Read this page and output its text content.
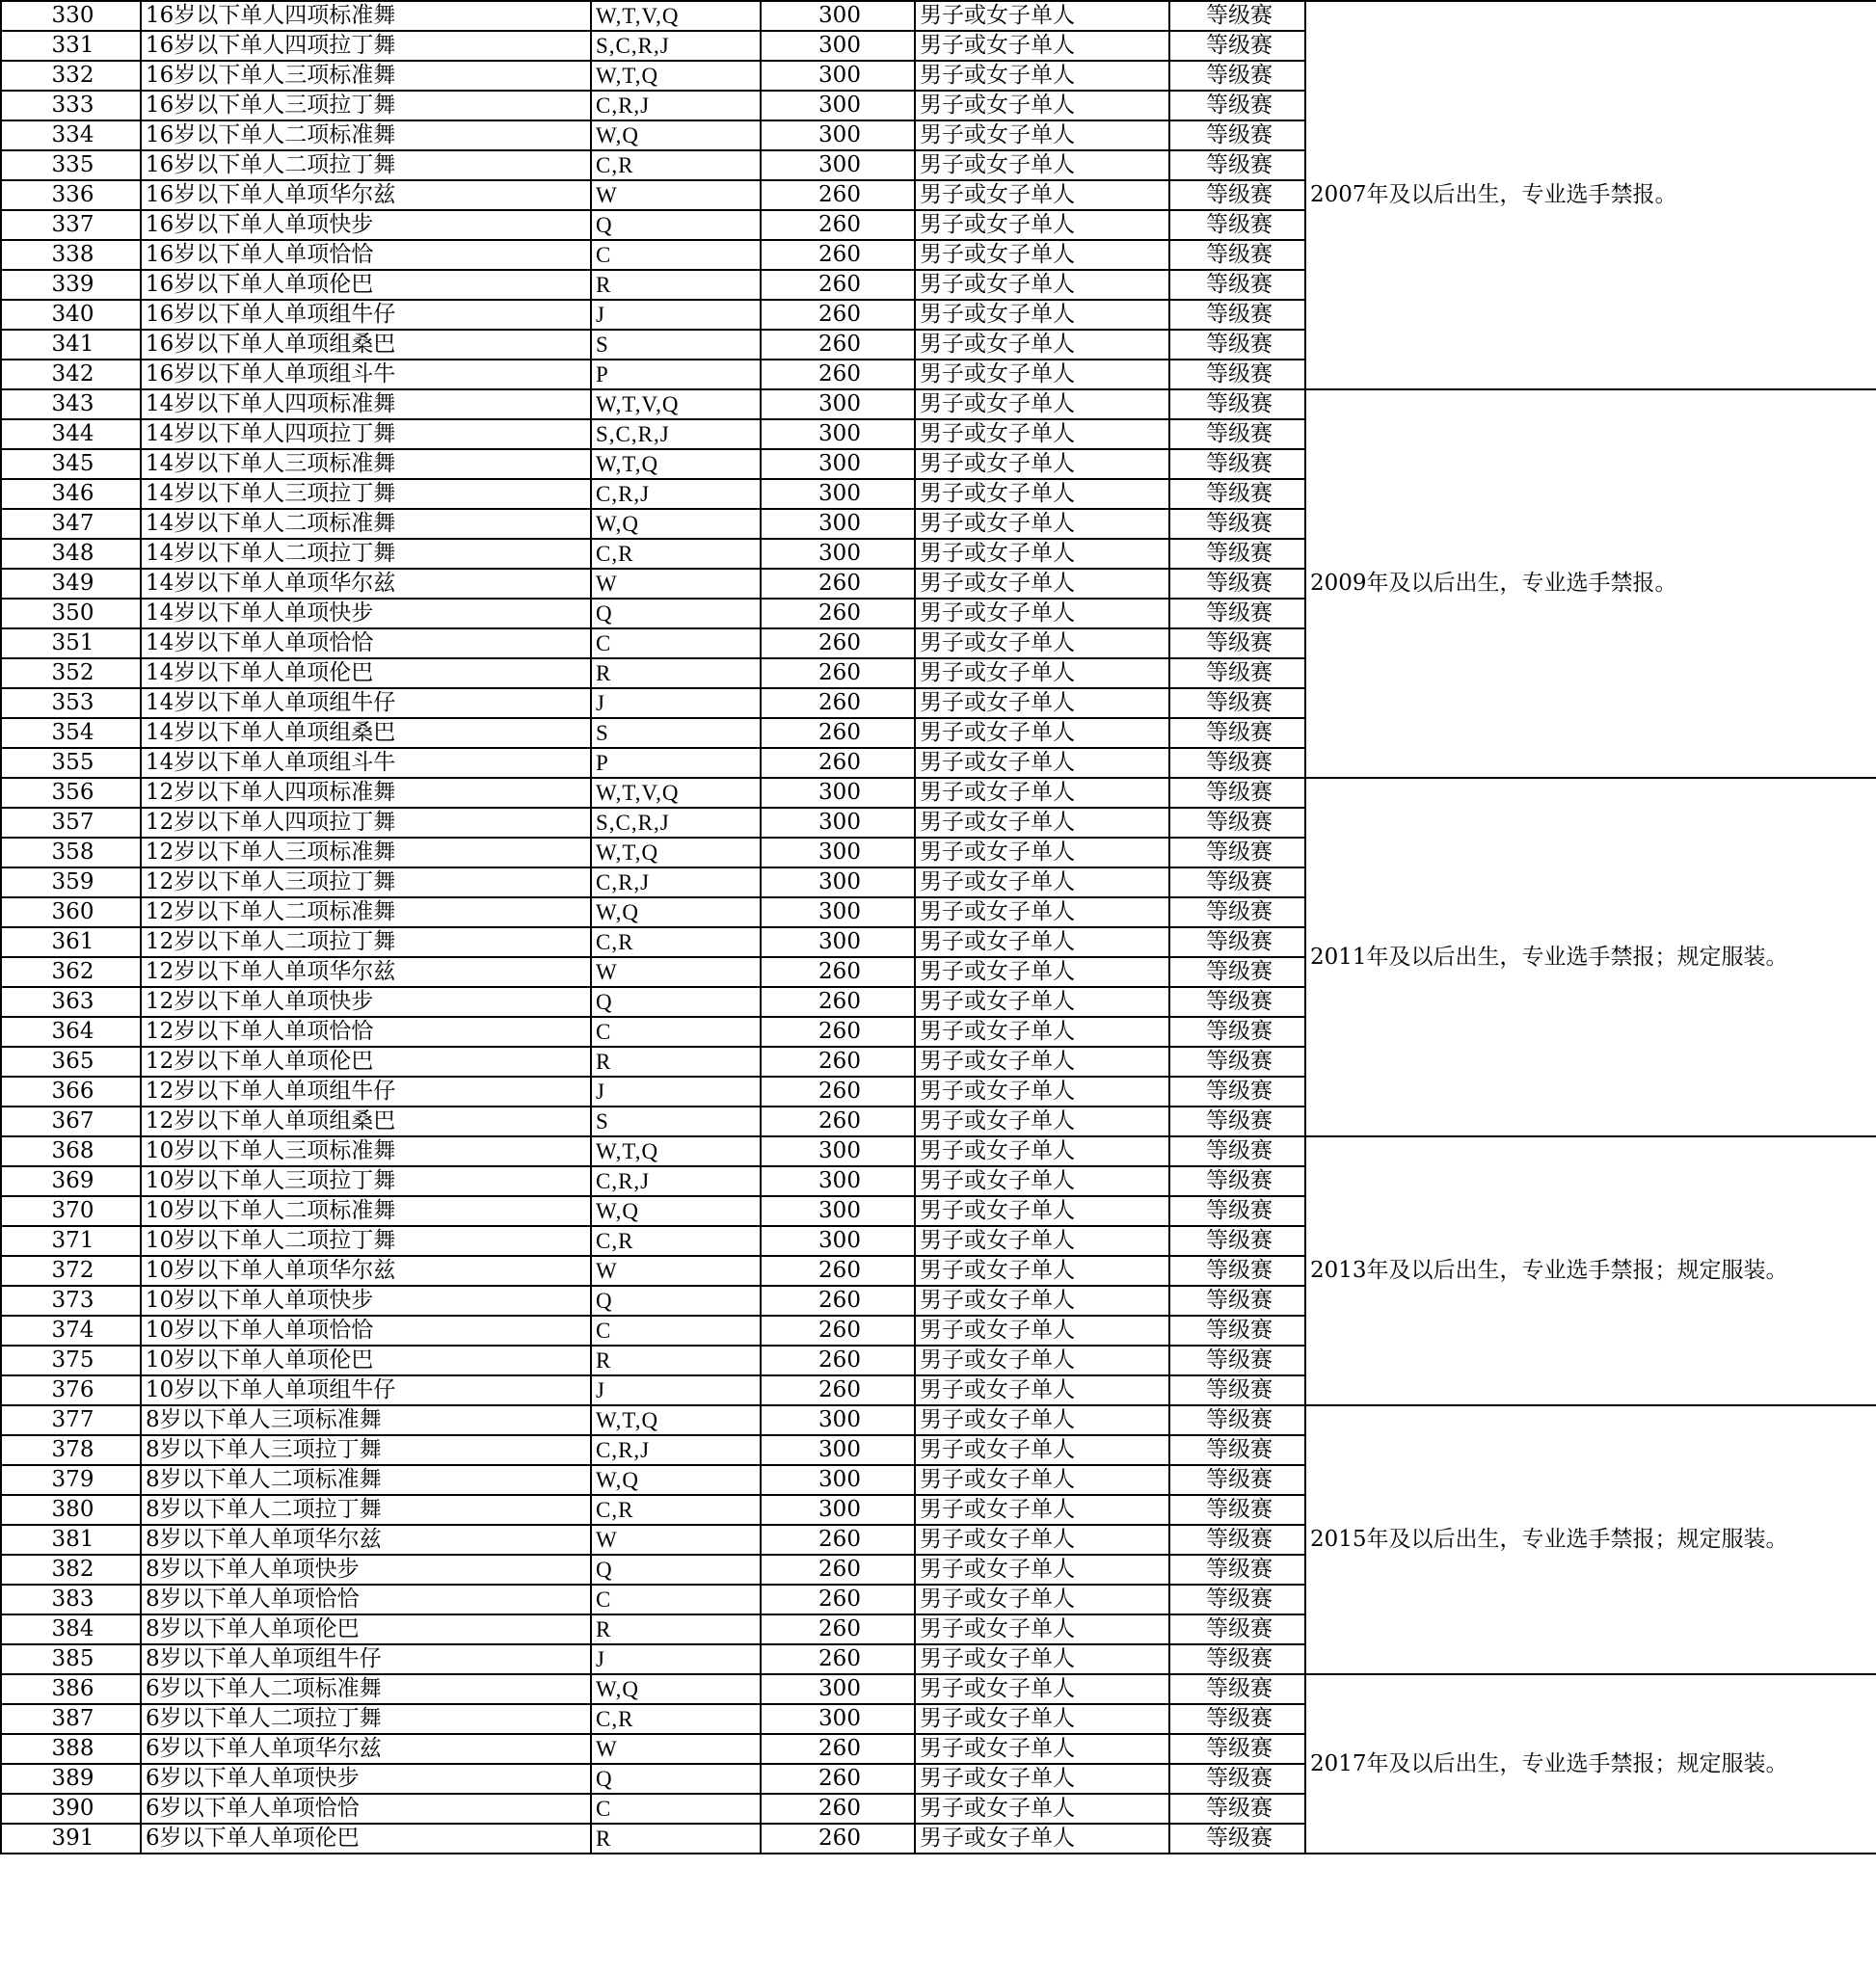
330	16岁以下单人四项标准舞	W,T,V,Q	300	男子或女子单人	等级赛	2007年及以后出生，专业选手禁报。
331	16岁以下单人四项拉丁舞	S,C,R,J	300	男子或女子单人	等级赛	
332	16岁以下单人三项标准舞	W,T,Q	300	男子或女子单人	等级赛	
333	16岁以下单人三项拉丁舞	C,R,J	300	男子或女子单人	等级赛	
334	16岁以下单人二项标准舞	W,Q	300	男子或女子单人	等级赛	
335	16岁以下单人二项拉丁舞	C,R	300	男子或女子单人	等级赛	
336	16岁以下单人单项华尔兹	W	260	男子或女子单人	等级赛	
337	16岁以下单人单项快步	Q	260	男子或女子单人	等级赛	
338	16岁以下单人单项恰恰	C	260	男子或女子单人	等级赛	
339	16岁以下单人单项伦巴	R	260	男子或女子单人	等级赛	
340	16岁以下单人单项组牛仔	J	260	男子或女子单人	等级赛	
341	16岁以下单人单项组桑巴	S	260	男子或女子单人	等级赛	
342	16岁以下单人单项组斗牛	P	260	男子或女子单人	等级赛	
343	14岁以下单人四项标准舞	W,T,V,Q	300	男子或女子单人	等级赛	2009年及以后出生，专业选手禁报。
344	14岁以下单人四项拉丁舞	S,C,R,J	300	男子或女子单人	等级赛	
345	14岁以下单人三项标准舞	W,T,Q	300	男子或女子单人	等级赛	
346	14岁以下单人三项拉丁舞	C,R,J	300	男子或女子单人	等级赛	
347	14岁以下单人二项标准舞	W,Q	300	男子或女子单人	等级赛	
348	14岁以下单人二项拉丁舞	C,R	300	男子或女子单人	等级赛	
349	14岁以下单人单项华尔兹	W	260	男子或女子单人	等级赛	
350	14岁以下单人单项快步	Q	260	男子或女子单人	等级赛	
351	14岁以下单人单项恰恰	C	260	男子或女子单人	等级赛	
352	14岁以下单人单项伦巴	R	260	男子或女子单人	等级赛	
353	14岁以下单人单项组牛仔	J	260	男子或女子单人	等级赛	
354	14岁以下单人单项组桑巴	S	260	男子或女子单人	等级赛	
355	14岁以下单人单项组斗牛	P	260	男子或女子单人	等级赛	
356	12岁以下单人四项标准舞	W,T,V,Q	300	男子或女子单人	等级赛	2011年及以后出生，专业选手禁报；规定服装。
357	12岁以下单人四项拉丁舞	S,C,R,J	300	男子或女子单人	等级赛	
358	12岁以下单人三项标准舞	W,T,Q	300	男子或女子单人	等级赛	
359	12岁以下单人三项拉丁舞	C,R,J	300	男子或女子单人	等级赛	
360	12岁以下单人二项标准舞	W,Q	300	男子或女子单人	等级赛	
361	12岁以下单人二项拉丁舞	C,R	300	男子或女子单人	等级赛	
362	12岁以下单人单项华尔兹	W	260	男子或女子单人	等级赛	
363	12岁以下单人单项快步	Q	260	男子或女子单人	等级赛	
364	12岁以下单人单项恰恰	C	260	男子或女子单人	等级赛	
365	12岁以下单人单项伦巴	R	260	男子或女子单人	等级赛	
366	12岁以下单人单项组牛仔	J	260	男子或女子单人	等级赛	
367	12岁以下单人单项组桑巴	S	260	男子或女子单人	等级赛	
368	10岁以下单人三项标准舞	W,T,Q	300	男子或女子单人	等级赛	2013年及以后出生，专业选手禁报；规定服装。
369	10岁以下单人三项拉丁舞	C,R,J	300	男子或女子单人	等级赛	
370	10岁以下单人二项标准舞	W,Q	300	男子或女子单人	等级赛	
371	10岁以下单人二项拉丁舞	C,R	300	男子或女子单人	等级赛	
372	10岁以下单人单项华尔兹	W	260	男子或女子单人	等级赛	
373	10岁以下单人单项快步	Q	260	男子或女子单人	等级赛	
374	10岁以下单人单项恰恰	C	260	男子或女子单人	等级赛	
375	10岁以下单人单项伦巴	R	260	男子或女子单人	等级赛	
376	10岁以下单人单项组牛仔	J	260	男子或女子单人	等级赛	
377	8岁以下单人三项标准舞	W,T,Q	300	男子或女子单人	等级赛	2015年及以后出生，专业选手禁报；规定服装。
378	8岁以下单人三项拉丁舞	C,R,J	300	男子或女子单人	等级赛	
379	8岁以下单人二项标准舞	W,Q	300	男子或女子单人	等级赛	
380	8岁以下单人二项拉丁舞	C,R	300	男子或女子单人	等级赛	
381	8岁以下单人单项华尔兹	W	260	男子或女子单人	等级赛	
382	8岁以下单人单项快步	Q	260	男子或女子单人	等级赛	
383	8岁以下单人单项恰恰	C	260	男子或女子单人	等级赛	
384	8岁以下单人单项伦巴	R	260	男子或女子单人	等级赛	
385	8岁以下单人单项组牛仔	J	260	男子或女子单人	等级赛	
386	6岁以下单人二项标准舞	W,Q	300	男子或女子单人	等级赛	2017年及以后出生，专业选手禁报；规定服装。
387	6岁以下单人二项拉丁舞	C,R	300	男子或女子单人	等级赛	
388	6岁以下单人单项华尔兹	W	260	男子或女子单人	等级赛	
389	6岁以下单人单项快步	Q	260	男子或女子单人	等级赛	
390	6岁以下单人单项恰恰	C	260	男子或女子单人	等级赛	
391	6岁以下单人单项伦巴	R	260	男子或女子单人	等级赛	
